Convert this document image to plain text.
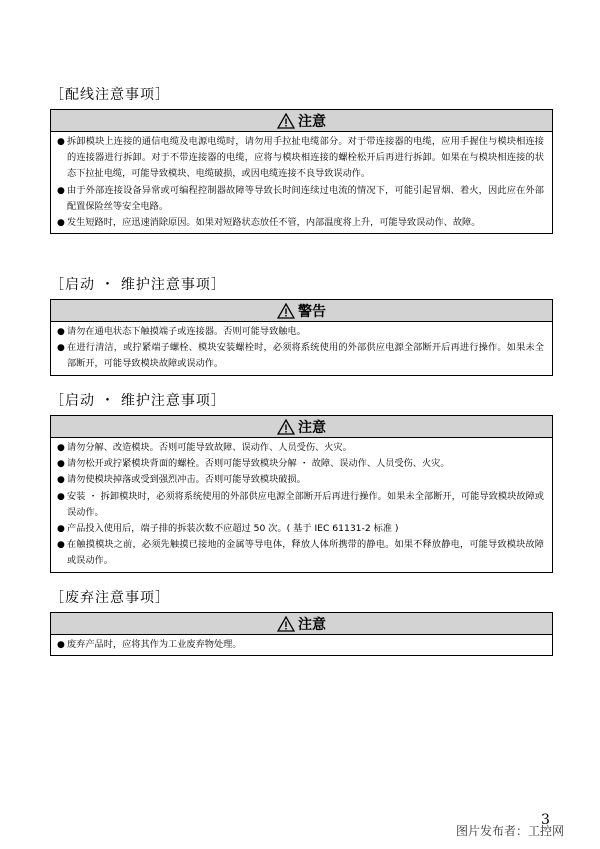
［配线注意事项］
注意
● 拆卸模块上连接的通信电缆及电源电缆时，请勿用手拉扯电缆部分。对于带连接器的电缆，应用手握住与模块相连接的连接器进行拆卸。对于不带连接器的电缆，应将与模块相连接的螺栓松开后再进行拆卸。如果在与模块相连接的状态下拉扯电缆，可能导致模块、电缆破损，或因电缆连接不良导致误动作。
● 由于外部连接设备异常或可编程控制器故障等导致长时间连续过电流的情况下，可能引起冒烟、着火，因此应在外部配置保险丝等安全电路。
● 发生短路时，应迅速消除原因。如果对短路状态放任不管，内部温度将上升，可能导致误动作、故障。
［启动 ・ 维护注意事项］
警告
● 请勿在通电状态下触摸端子或连接器。否则可能导致触电。
● 在进行清洁，或拧紧端子螺栓、模块安装螺栓时，必须将系统使用的外部供应电源全部断开后再进行操作。如果未全部断开，可能导致模块故障或误动作。
［启动 ・ 维护注意事项］
注意
● 请勿分解、改造模块。否则可能导致故障、误动作、人员受伤、火灾。
● 请勿松开或拧紧模块背面的螺栓。否则可能导致模块分解 ・ 故障、误动作、人员受伤、火灾。
● 请勿使模块掉落或受到强烈冲击。否则可能导致模块破损。
● 安装 ・ 拆卸模块时，必须将系统使用的外部供应电源全部断开后再进行操作。如果未全部断开，可能导致模块故障或误动作。
● 产品投入使用后，端子排的拆装次数不应超过 50 次。( 基于 IEC 61131-2 标准 )
● 在触摸模块之前，必须先触摸已接地的金属等导电体，释放人体所携带的静电。如果不释放静电，可能导致模块故障或误动作。
［废弃注意事项］
注意
● 废弃产品时，应将其作为工业废弃物处理。
3
图片发布者：工控网
